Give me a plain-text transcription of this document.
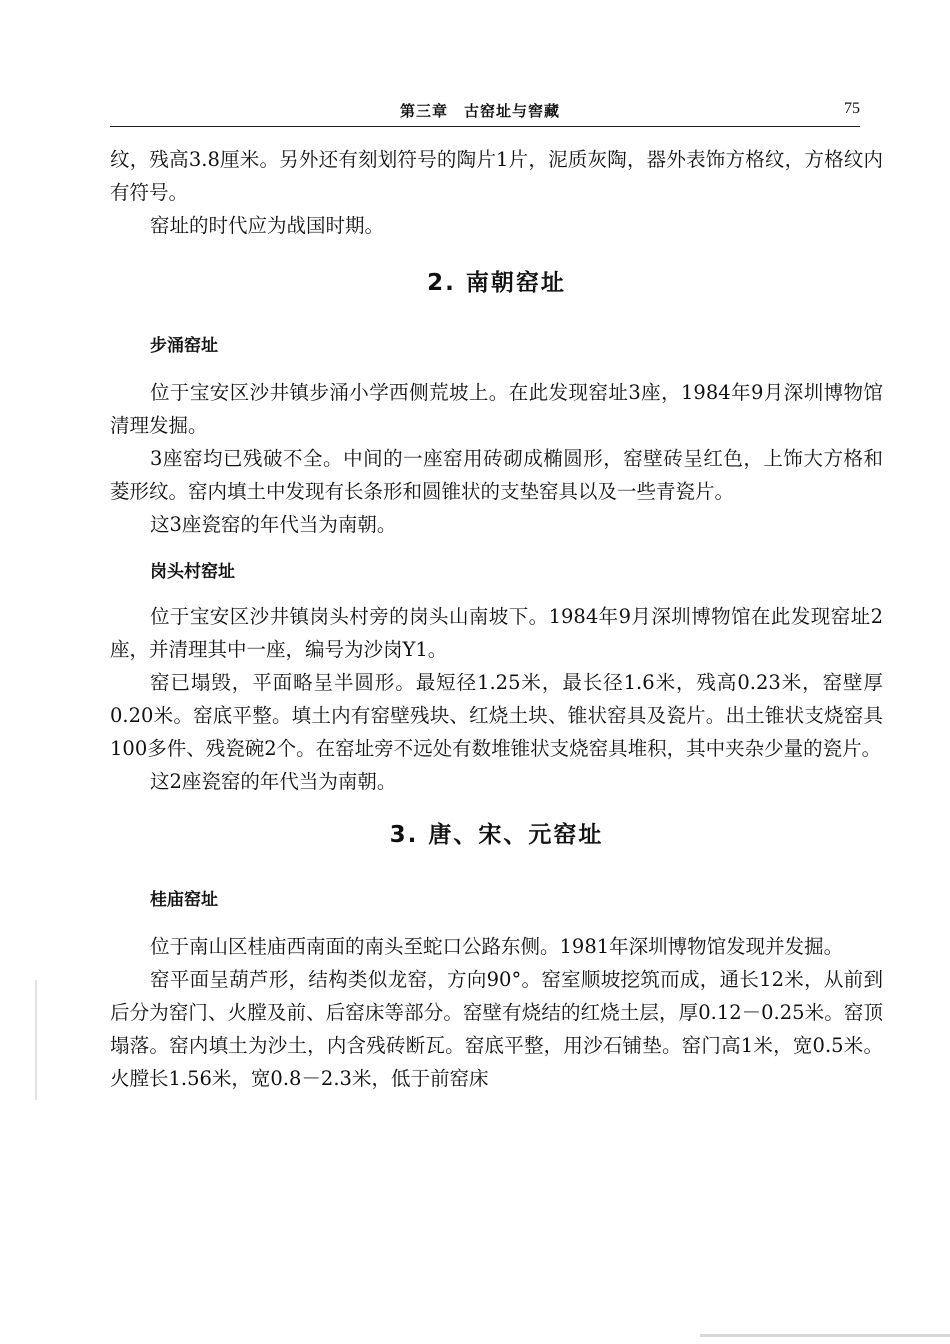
第三章　古窑址与窖藏	75

纹，残高3.8厘米。另外还有刻划符号的陶片1片，泥质灰陶，器外表饰方格纹，方格纹内有符号。

窑址的时代应为战国时期。

2. 南朝窑址
步涌窑址

位于宝安区沙井镇步涌小学西侧荒坡上。在此发现窑址3座，1984年9月深圳博物馆清理发掘。

3座窑均已残破不全。中间的一座窑用砖砌成椭圆形，窑壁砖呈红色，上饰大方格和菱形纹。窑内填土中发现有长条形和圆锥状的支垫窑具以及一些青瓷片。

这3座瓷窑的年代当为南朝。

岗头村窑址

位于宝安区沙井镇岗头村旁的岗头山南坡下。1984年9月深圳博物馆在此发现窑址2座，并清理其中一座，编号为沙岗Y1。

窑已塌毁，平面略呈半圆形。最短径1.25米，最长径1.6米，残高0.23米，窑壁厚0.20米。窑底平整。填土内有窑壁残块、红烧土块、锥状窑具及瓷片。出土锥状支烧窑具100多件、残瓷碗2个。在窑址旁不远处有数堆锥状支烧窑具堆积，其中夹杂少量的瓷片。

这2座瓷窑的年代当为南朝。

3. 唐、宋、元窑址
桂庙窑址

位于南山区桂庙西南面的南头至蛇口公路东侧。1981年深圳博物馆发现并发掘。

窑平面呈葫芦形，结构类似龙窑，方向90°。窑室顺坡挖筑而成，通长12米，从前到后分为窑门、火膛及前、后窑床等部分。窑壁有烧结的红烧土层，厚0.12－0.25米。窑顶塌落。窑内填土为沙土，内含残砖断瓦。窑底平整，用沙石铺垫。窑门高1米，宽0.5米。火膛长1.56米，宽0.8－2.3米，低于前窑床
